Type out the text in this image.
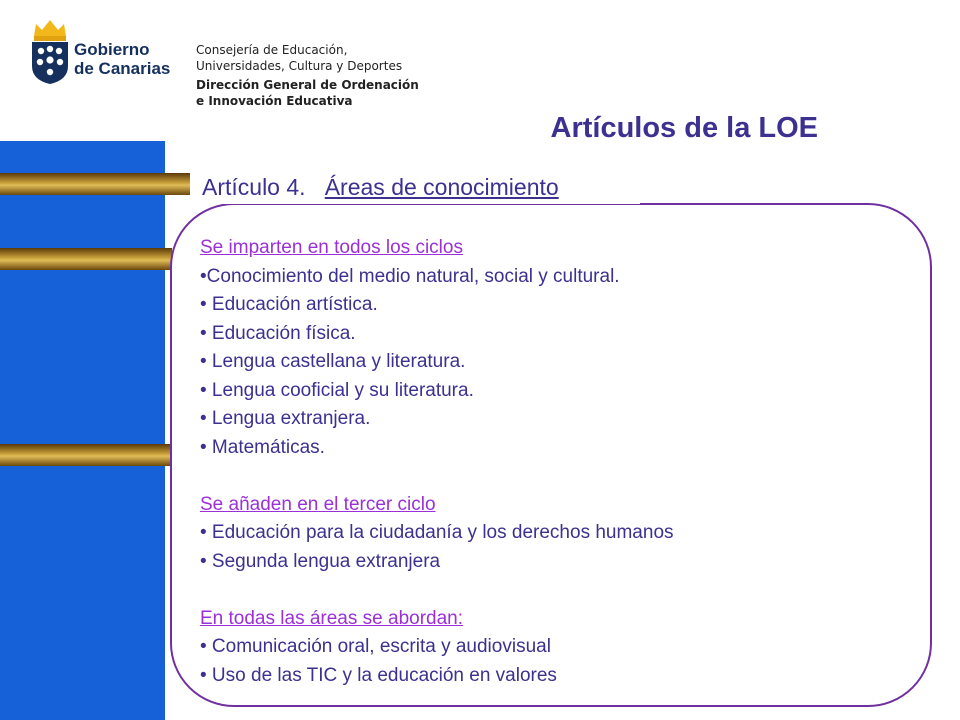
Gobierno
de Canarias
Consejería de Educación,
Universidades, Cultura y Deportes
Dirección General de Ordenación
e Innovación Educativa
Artículos de la LOE
Artículo 4. Áreas de conocimiento
Se imparten en todos los ciclos
•Conocimiento del medio natural, social y cultural.
• Educación artística.
• Educación física.
• Lengua castellana y literatura.
• Lengua cooficial y su literatura.
• Lengua extranjera.
• Matemáticas.
Se añaden en el tercer ciclo
• Educación para la ciudadanía y los derechos humanos
• Segunda lengua extranjera
En todas las áreas se abordan:
• Comunicación oral, escrita y audiovisual
• Uso de las TIC y la educación en valores
